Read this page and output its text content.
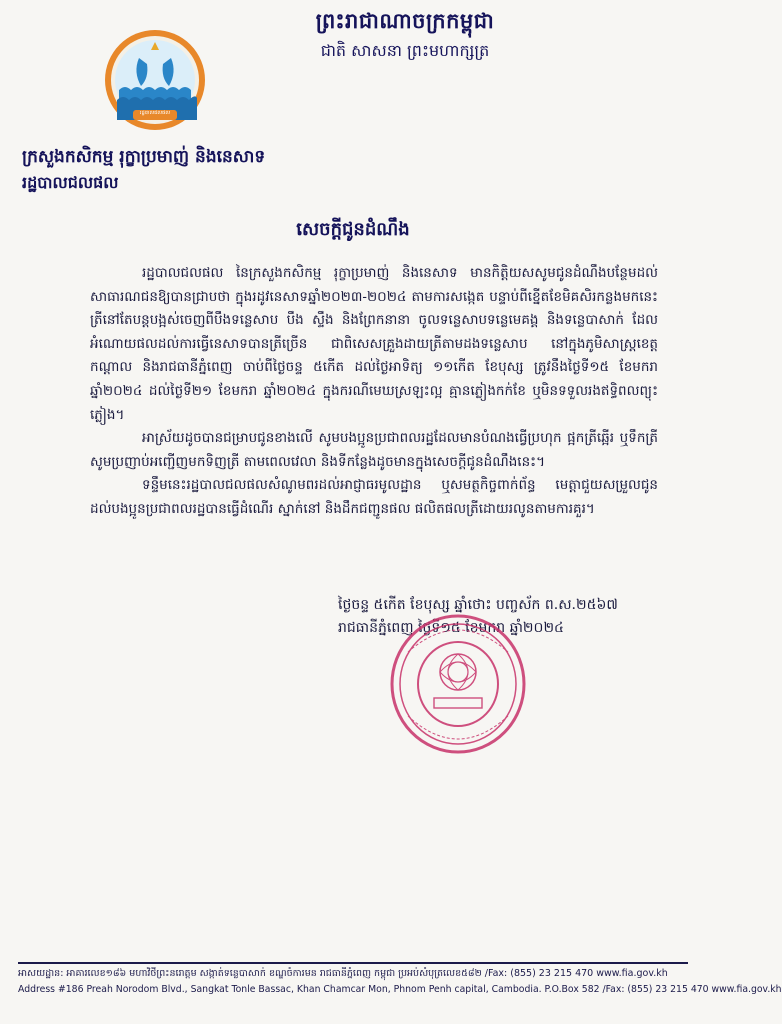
ព្រះរាជាណាចក្រកម្ពុជា
ជាតិ សាសនា ព្រះមហាក្សត្រ
រដ្ឋបាលជលផល
ក្រសួងកសិកម្ម រុក្ខាប្រមាញ់ និងនេសាទ
រដ្ឋបាលជលផល
សេចក្តីជូនដំណឹង

រដ្ឋបាលជលផល នៃក្រសួងកសិកម្ម រុក្ខាប្រមាញ់ និងនេសាទ មានកិត្តិយសសូមជូនដំណឹងបន្ថែមដល់សាធារណជនឱ្យបានជ្រាបថា ក្នុងរដូវនេសាទឆ្នាំ២០២៣-២០២៤ តាមការសង្កេត បន្ទាប់ពីខ្នើតខែមិគសិរកន្លងមកនេះ ត្រីនៅតែបន្តបង្អស់ចេញពីបឹងទន្លេសាប បឹង ស្ទឹង និងព្រែកនានា ចូលទន្លេសាបទន្លេមេគង្គ និងទន្លេបាសាក់ ដែលអំណោយផលដល់ការធ្វើនេសាទបានត្រីច្រើន ជាពិសេសគ្រួងដាយត្រីតាមដងទន្លេសាប នៅក្នុងភូមិសាស្ត្រខេត្តកណ្តាល និងរាជធានីភ្នំពេញ ចាប់ពីថ្ងៃចន្ទ ៥កើត ដល់ថ្ងៃអាទិត្យ ១១កើត ខែបុស្ស ត្រូវនឹងថ្ងៃទី១៥ ខែមករា ឆ្នាំ២០២៤ ដល់ថ្ងៃទី២១ ខែមករា ឆ្នាំ២០២៤ ក្នុងករណីមេឃស្រឡះល្អ គ្មានភ្លៀងកក់ខែ ឬមិនទទួលរងឥទ្ធិពលព្យុះភ្លៀង។

អាស្រ័យដូចបានជម្រាបជូនខាងលើ សូមបងប្អូនប្រជាពលរដ្ឋដែលមានបំណងធ្វើប្រហុក ផ្អកត្រីឆ្អើរ ឬទឹកត្រី សូមប្រញាប់អញ្ជើញមកទិញត្រី តាមពេលវេលា និងទីកន្លែងដូចមានក្នុងសេចក្តីជូនដំណឹងនេះ។

ទន្ទឹមនេះរដ្ឋបាលជលផលសំណូមពរដល់អាជ្ញាធរមូលដ្ឋាន ឬសមត្ថកិច្ចពាក់ព័ន្ធ មេត្តាជួយសម្រួលជូនដល់បងប្អូនប្រជាពលរដ្ឋបានធ្វើដំណើរ ស្នាក់នៅ និងដឹកជញ្ជូនផល ផលិតផលត្រីដោយរលូនតាមការគួរ។

ថ្ងៃចន្ទ ៥កើត ខែបុស្ស ឆ្នាំថោះ បញ្ចស័ក ព.ស.២៥៦៧
រាជធានីភ្នំពេញ ថ្ងៃទី១៥ ខែមករា ឆ្នាំ២០២៤
អាសយដ្ឋាន: អាគារលេខ១៨៦ មហាវិថីព្រះនរោត្តម សង្កាត់ទន្លេបាសាក់ ខណ្ឌចំការមន រាជធានីភ្នំពេញ កម្ពុជា ប្រអប់សំបុត្រលេខ៥៨២ /Fax: (855) 23 215 470 www.fia.gov.kh
Address #186 Preah Norodom Blvd., Sangkat Tonle Bassac, Khan Chamcar Mon, Phnom Penh capital, Cambodia. P.O.Box 582 /Fax: (855) 23 215 470 www.fia.gov.kh
